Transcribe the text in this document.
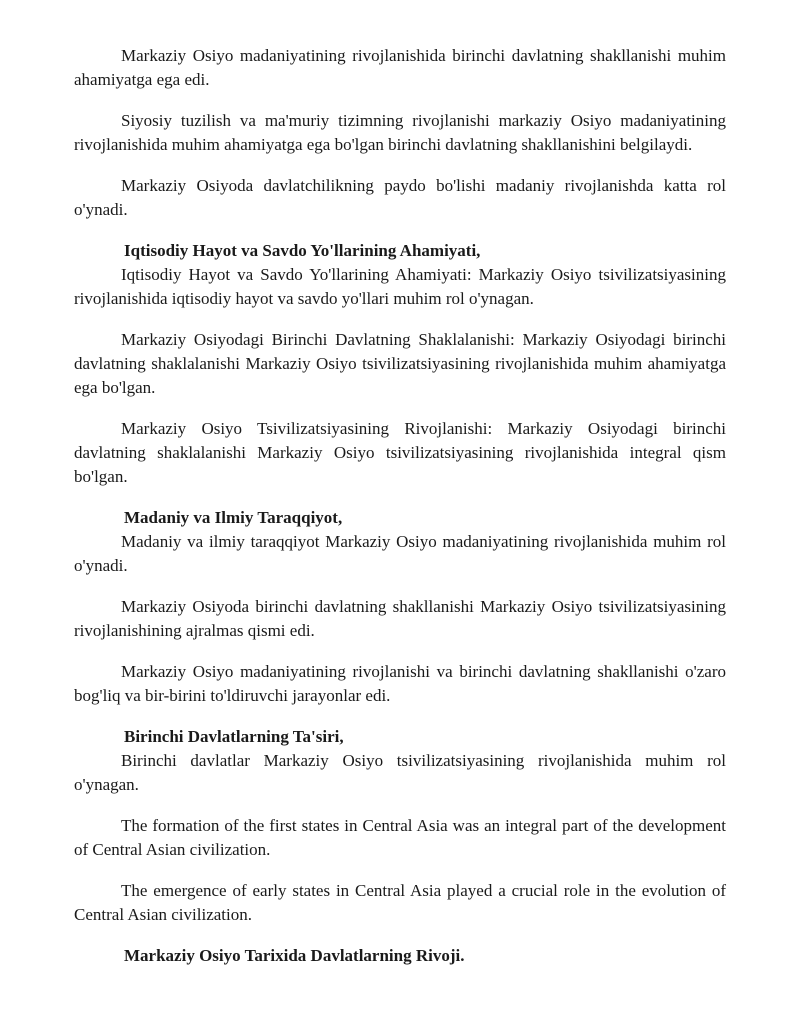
Markaziy Osiyo madaniyatining rivojlanishida birinchi davlatning shakllanishi muhim ahamiyatga ega edi.

Siyosiy tuzilish va ma'muriy tizimning rivojlanishi markaziy Osiyo madaniyatining rivojlanishida muhim ahamiyatga ega bo'lgan birinchi davlatning shakllanishini belgilaydi.

Markaziy Osiyoda davlatchilikning paydo bo'lishi madaniy rivojlanishda katta rol o'ynadi.

Iqtisodiy Hayot va Savdo Yo'llarining Ahamiyati,

Iqtisodiy Hayot va Savdo Yo'llarining Ahamiyati: Markaziy Osiyo tsivilizatsiyasining rivojlanishida iqtisodiy hayot va savdo yo'llari muhim rol o'ynagan.

Markaziy Osiyodagi Birinchi Davlatning Shaklalanishi: Markaziy Osiyodagi birinchi davlatning shaklalanishi Markaziy Osiyo tsivilizatsiyasining rivojlanishida muhim ahamiyatga ega bo'lgan.

Markaziy Osiyo Tsivilizatsiyasining Rivojlanishi: Markaziy Osiyodagi birinchi davlatning shaklalanishi Markaziy Osiyo tsivilizatsiyasining rivojlanishida integral qism bo'lgan.

Madaniy va Ilmiy Taraqqiyot,

Madaniy va ilmiy taraqqiyot Markaziy Osiyo madaniyatining rivojlanishida muhim rol o'ynadi.

Markaziy Osiyoda birinchi davlatning shakllanishi Markaziy Osiyo tsivilizatsiyasining rivojlanishining ajralmas qismi edi.

Markaziy Osiyo madaniyatining rivojlanishi va birinchi davlatning shakllanishi o'zaro bog'liq va bir-birini to'ldiruvchi jarayonlar edi.

Birinchi Davlatlarning Ta'siri,

Birinchi davlatlar Markaziy Osiyo tsivilizatsiyasining rivojlanishida muhim rol o'ynagan.

The formation of the first states in Central Asia was an integral part of the development of Central Asian civilization.

The emergence of early states in Central Asia played a crucial role in the evolution of Central Asian civilization.

Markaziy Osiyo Tarixida Davlatlarning Rivoji.
